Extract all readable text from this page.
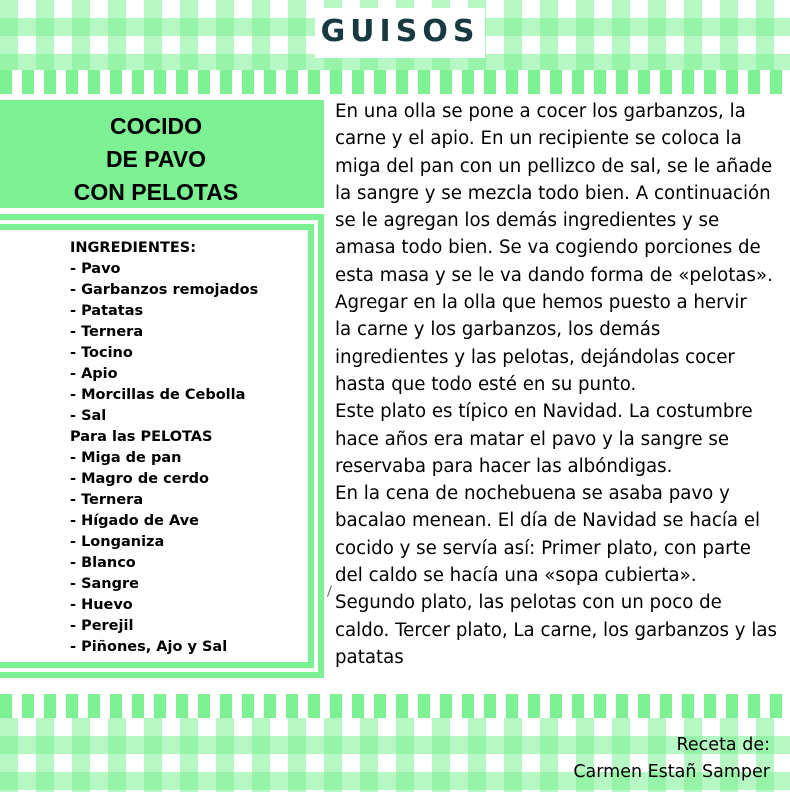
GUISOS
COCIDO
DE PAVO
CON PELOTAS
INGREDIENTES:
- Pavo
- Garbanzos remojados
- Patatas
- Ternera
- Tocino
- Apio
- Morcillas de Cebolla
- Sal
Para las PELOTAS
- Miga de pan
- Magro de cerdo
- Ternera
- Hígado de Ave
- Longaniza
- Blanco
- Sangre
- Huevo
- Perejil
- Piñones, Ajo y Sal
En una olla se pone a cocer los garbanzos, la
carne y el apio. En un recipiente se coloca la
miga del pan con un pellizco de sal, se le añade
la sangre y se mezcla todo bien. A continuación
se le agregan los demás ingredientes y se
amasa todo bien. Se va cogiendo porciones de
esta masa y se le va dando forma de «pelotas».
Agregar en la olla que hemos puesto a hervir
la carne y los garbanzos, los demás
ingredientes y las pelotas, dejándolas cocer
hasta que todo esté en su punto.
Este plato es típico en Navidad. La costumbre
hace años era matar el pavo y la sangre se
reservaba para hacer las albóndigas.
En la cena de nochebuena se asaba pavo y
bacalao menean. El día de Navidad se hacía el
cocido y se servía así: Primer plato, con parte
del caldo se hacía una «sopa cubierta».
Segundo plato, las pelotas con un poco de
caldo. Tercer plato, La carne, los garbanzos y las
patatas
Receta de:
Carmen Estañ Samper
